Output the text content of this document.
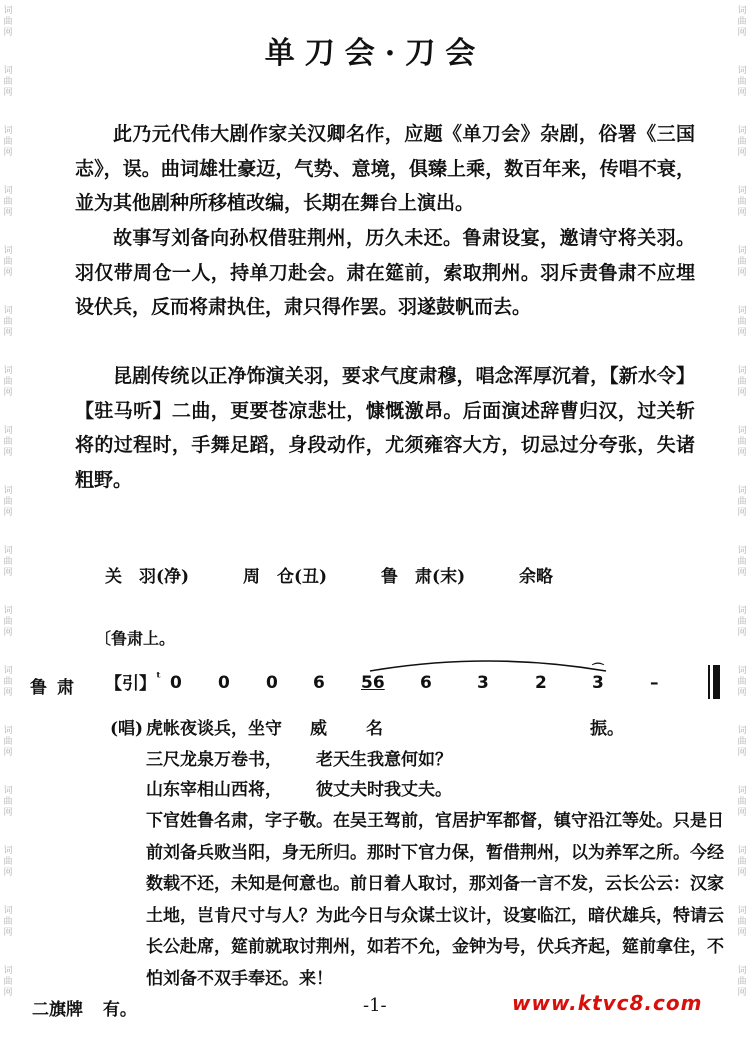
词
曲
网
词
曲
网
词
曲
网
词
曲
网
词
曲
网
词
曲
网
词
曲
网
词
曲
网
词
曲
网
词
曲
网
词
曲
网
词
曲
网
词
曲
网
词
曲
网
词
曲
网
词
曲
网
词
曲
网
词
曲
网
词
曲
网
词
曲
网
词
曲
网
词
曲
网
词
曲
网
词
曲
网
词
曲
网
词
曲
网
词
曲
网
词
曲
网
词
曲
网
词
曲
网
词
曲
网
词
曲
网
词
曲
网
词
曲
网
单刀会·刀会
此乃元代伟大剧作家关汉卿名作，应题《单刀会》杂剧，俗署《三国志》，误。曲词雄壮豪迈，气势、意境，俱臻上乘，数百年来，传唱不衰，並为其他剧种所移植改编，长期在舞台上演出。
故事写刘备向孙权借驻荆州，历久未还。鲁肃设宴，邀请守将关羽。羽仅带周仓一人，持单刀赴会。肃在筵前，索取荆州。羽斥责鲁肃不应埋设伏兵，反而将肃执住，肃只得作罢。羽遂鼓帆而去。
昆剧传统以正净饰演关羽，要求气度肃穆，唱念浑厚沉着，【新水令】【驻马听】二曲，更要苍凉悲壮，慷慨激昂。后面演述辞曹归汉，过关斩将的过程时，手舞足蹈，身段动作，尤须雍容大方，切忌过分夸张，失诸粗野。
关　羽(净)	周　仓(丑)	鲁　肃(末)	余略
〔鲁肃上。
鲁肃 【引】$^ᵗ$ 0 0 0 6 56 6	3	2	3	–
⌒
(唱) 虎帐夜谈兵，坐守 威 名	振。
三尺龙泉万卷书， 老天生我意何如？
山东宰相山西将， 彼丈夫时我丈夫。
下官姓鲁名肃，字子敬。在吴王驾前，官居护军都督，镇守沿江等处。只是日前刘备兵败当阳，身无所归。那时下官力保，暂借荆州，以为养军之所。今经数载不还，未知是何意也。前日着人取讨，那刘备一言不发，云长公云：汉家土地，岂肯尺寸与人？为此今日与众谋士议计，设宴临江，暗伏雄兵，特请云长公赴席，筵前就取讨荆州，如若不允，金钟为号，伏兵齐起，筵前拿住，不怕刘备不双手奉还。来！
二旗牌 有。	-1-	www.ktvc8.com
